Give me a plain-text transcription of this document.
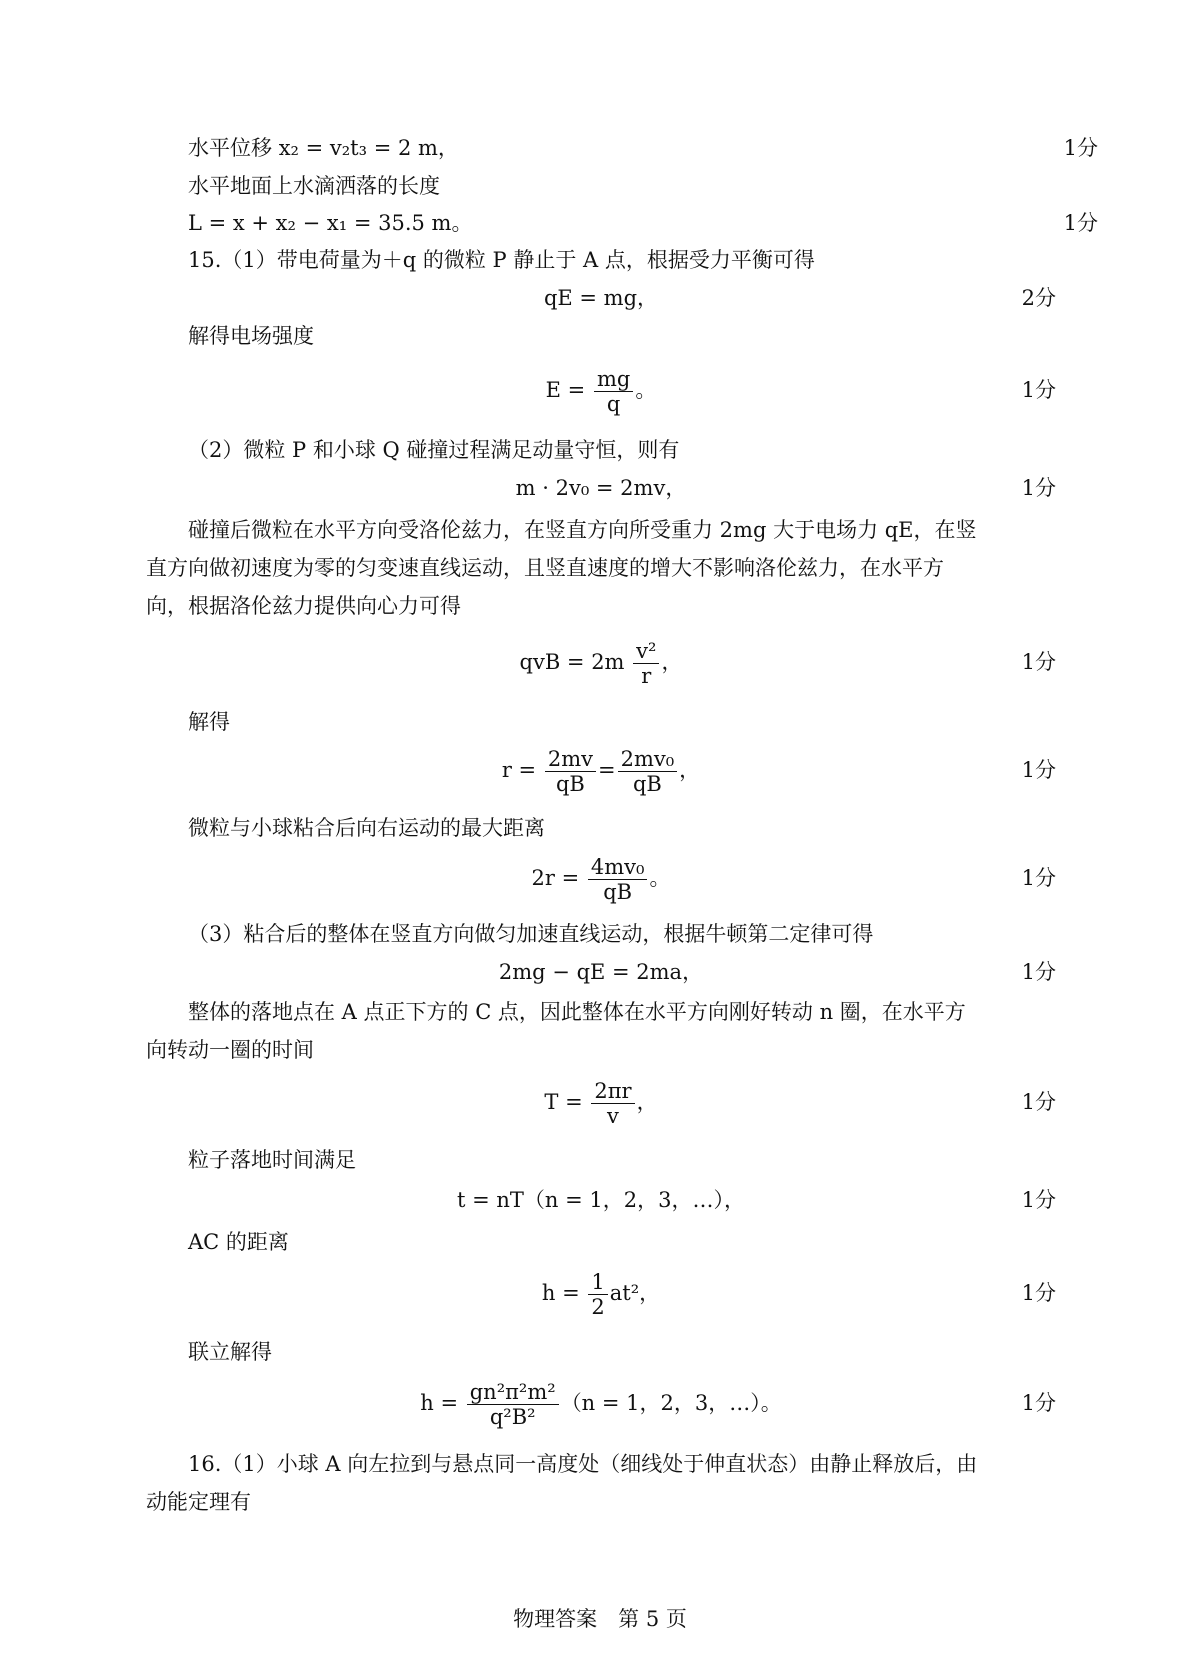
水平位移 x₂ = v₂t₃ = 2 m，	1分
水平地面上水滴洒落的长度
L = x + x₂ − x₁ = 35.5 m。	1分
15.（1）带电荷量为＋q 的微粒 P 静止于 A 点，根据受力平衡可得
qE = mg，	2分
解得电场强度
$E = \frac{mg}{q}$ 。	1分
（2）微粒 P 和小球 Q 碰撞过程满足动量守恒，则有
m · 2v₀ = 2mv，	1分
碰撞后微粒在水平方向受洛伦兹力，在竖直方向所受重力 2mg 大于电场力 qE，在竖
直方向做初速度为零的匀变速直线运动，且竖直速度的增大不影响洛伦兹力，在水平方
向，根据洛伦兹力提供向心力可得
qvB = $2m \frac{\text{v²}}{r}$ ，	1分
解得
$r = \frac{2mv}{qB} = \frac{\text{2mv₀}}{qB}$ ，	1分
微粒与小球粘合后向右运动的最大距离
$2r = \frac{\text{4mv₀}}{qB}$ 。	1分
（3）粘合后的整体在竖直方向做匀加速直线运动，根据牛顿第二定律可得
2mg − qE = 2ma，	1分
整体的落地点在 A 点正下方的 C 点，因此整体在水平方向刚好转动 n 圈，在水平方
向转动一圈的时间
$T = \frac{2\pi r}{v}$ ，	1分
粒子落地时间满足
t = nT（n = 1，2，3，…），	1分
AC 的距离
$h = \frac{1}{2} at^2$，	1分
联立解得
$h = \frac{\text{gn²π²m²}}{\text{q²B²}} (n = 1$，2，3，…）。	1分
16.（1）小球 A 向左拉到与悬点同一高度处（细线处于伸直状态）由静止释放后，由
动能定理有
物理答案　第 5 页
